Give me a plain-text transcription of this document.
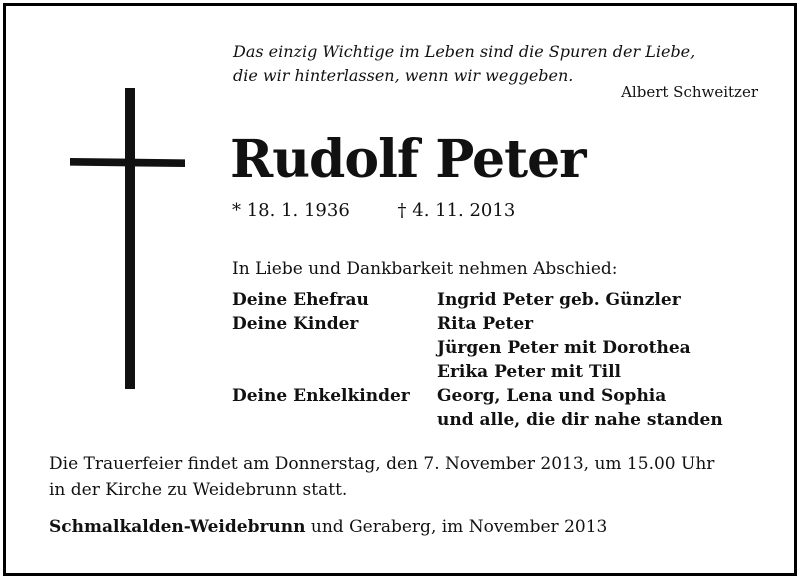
Das einzig Wichtige im Leben sind die Spuren der Liebe,
die wir hinterlassen, wenn wir weggeben.
Albert Schweitzer
Rudolf Peter
* 18. 1. 1936	† 4. 11. 2013
In Liebe und Dankbarkeit nehmen Abschied:
Deine Ehefrau	Ingrid Peter geb. Günzler
Deine Kinder	Rita Peter
Jürgen Peter mit Dorothea
Erika Peter mit Till
Deine Enkelkinder	Georg, Lena und Sophia
und alle, die dir nahe standen
Die Trauerfeier findet am Donnerstag, den 7. November 2013, um 15.00 Uhr
in der Kirche zu Weidebrunn statt.
Schmalkalden-Weidebrunn und Geraberg, im November 2013
